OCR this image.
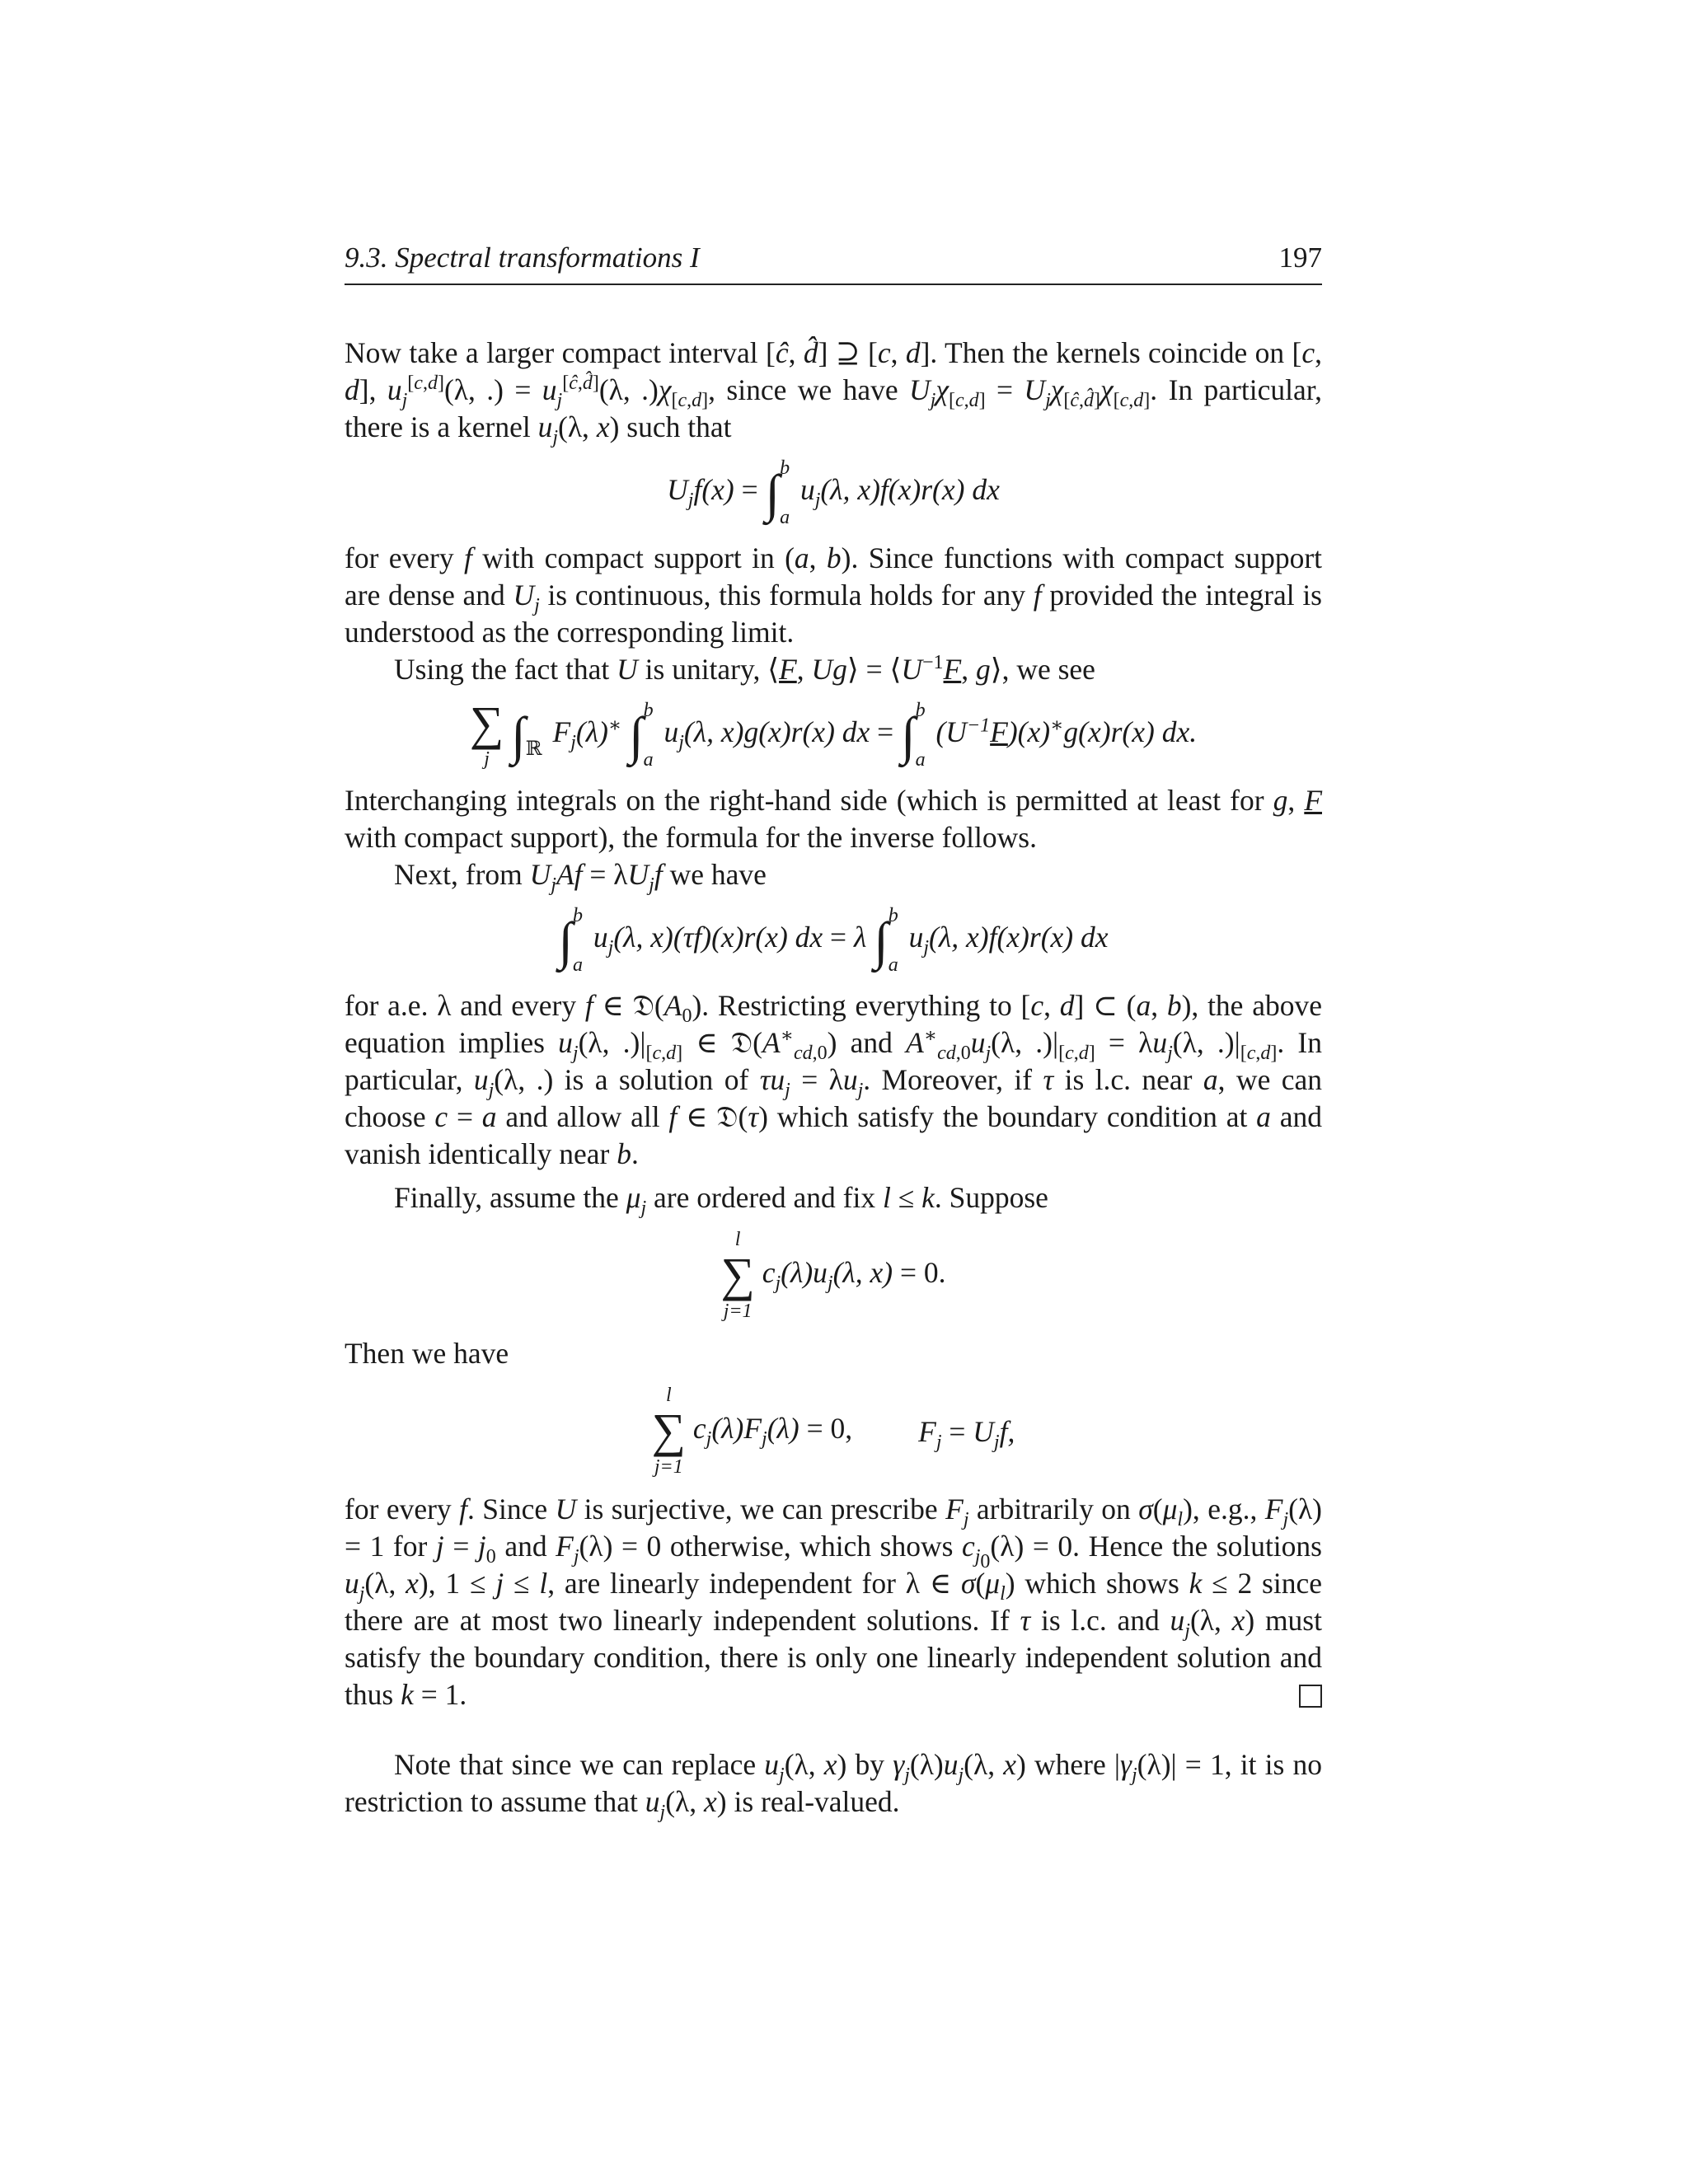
9.3. Spectral transformations I	197

Now take a larger compact interval [ĉ, d̂] ⊇ [c, d]. Then the kernels coincide on [c, d], $u_j[c,d](\lambda$, .) = $u_j[ĉ,d̂](\lambda$, $.)\chi_{[c,d]}$, since we have $U_j\chi_{[c,d]} = U_j\chi_{[ĉ,d̂]}\chi_{[c,d]}$. In particular, there is a kernel $u_j(\lambda$, x) such that

$U_jf(x)$ = ∫ b
a
$u_j(\lambda$, x)f(x)r(x) dx

for every f with compact support in (a, b). Since functions with compact support are dense and $U_j$ is continuous, this formula holds for any f provided the integral is understood as the corresponding limit.

Using the fact that U is unitary, ⟨F, Ug⟩ = $⟨U^{-1}F$, g⟩, we see

∑
j ∫ ℝ
$F_j(\lambda)^∗$ ∫ b
a
$u_j(\lambda$, x)g(x)r(x) dx = ∫ b
a
$(U^{-1}F)(x)^∗g(x)r(x)$ dx.

Interchanging integrals on the right-hand side (which is permitted at least for g, F with compact support), the formula for the inverse follows.

Next, from $U_jAf = \lambda U_jf$ we have

∫ b
a
$u_j(\lambda$, x)(τf)(x)r(x) dx = λ ∫ b
a
$u_j(\lambda$, x)f(x)r(x) dx

for a.e. λ and every f ∈ $𝔇(A_0)$. Restricting everything to [c, d] ⊂ (a, b), the above equation implies $u_j(\lambda$, $.)|_{[c,d]}$ ∈ $𝔇(A^∗_{cd,0})$ and $A^∗_{cd,0}u_j(\lambda$, $.)|_{[c,d]} = \lambda u_j(\lambda$, $.)|_{[c,d]}$. In particular, $u_j(\lambda$, .) is a solution of $\tau u_j = \lambda u_j$. Moreover, if τ is l.c. near a, we can choose c = a and allow all f ∈ 𝔇(τ) which satisfy the boundary condition at a and vanish identically near b.

Finally, assume the $\mu_j$ are ordered and fix l ≤ k. Suppose

l
∑
j=1
$c_j(\lambda)u_j(\lambda$, x) = 0.

Then we have

l
∑
j=1
$c_j(\lambda)F_j(\lambda) = 0$, $F_j = U_jf$,

for every f. Since U is surjective, we can prescribe $F_j$ arbitrarily on $\sigma(\mu_l)$, e.g., $F_j(\lambda) = 1$ for $j = j_0$ and $F_j(\lambda) = 0$ otherwise, which shows $c_{j_0}(\lambda) = 0$. Hence the solutions $u_j(\lambda$, x), 1 ≤ j ≤ l, are linearly independent for λ ∈ $\sigma(\mu_l)$ which shows k ≤ 2 since there are at most two linearly independent solutions. If τ is l.c. and $u_j(\lambda$, x) must satisfy the boundary condition, there is only one linearly independent solution and thus k = 1.

Note that since we can replace $u_j(\lambda$, x) by $\gamma_j(\lambda)u_j(\lambda$, x) where $|\gamma_j(\lambda)| = 1$, it is no restriction to assume that $u_j(\lambda$, x) is real-valued.
